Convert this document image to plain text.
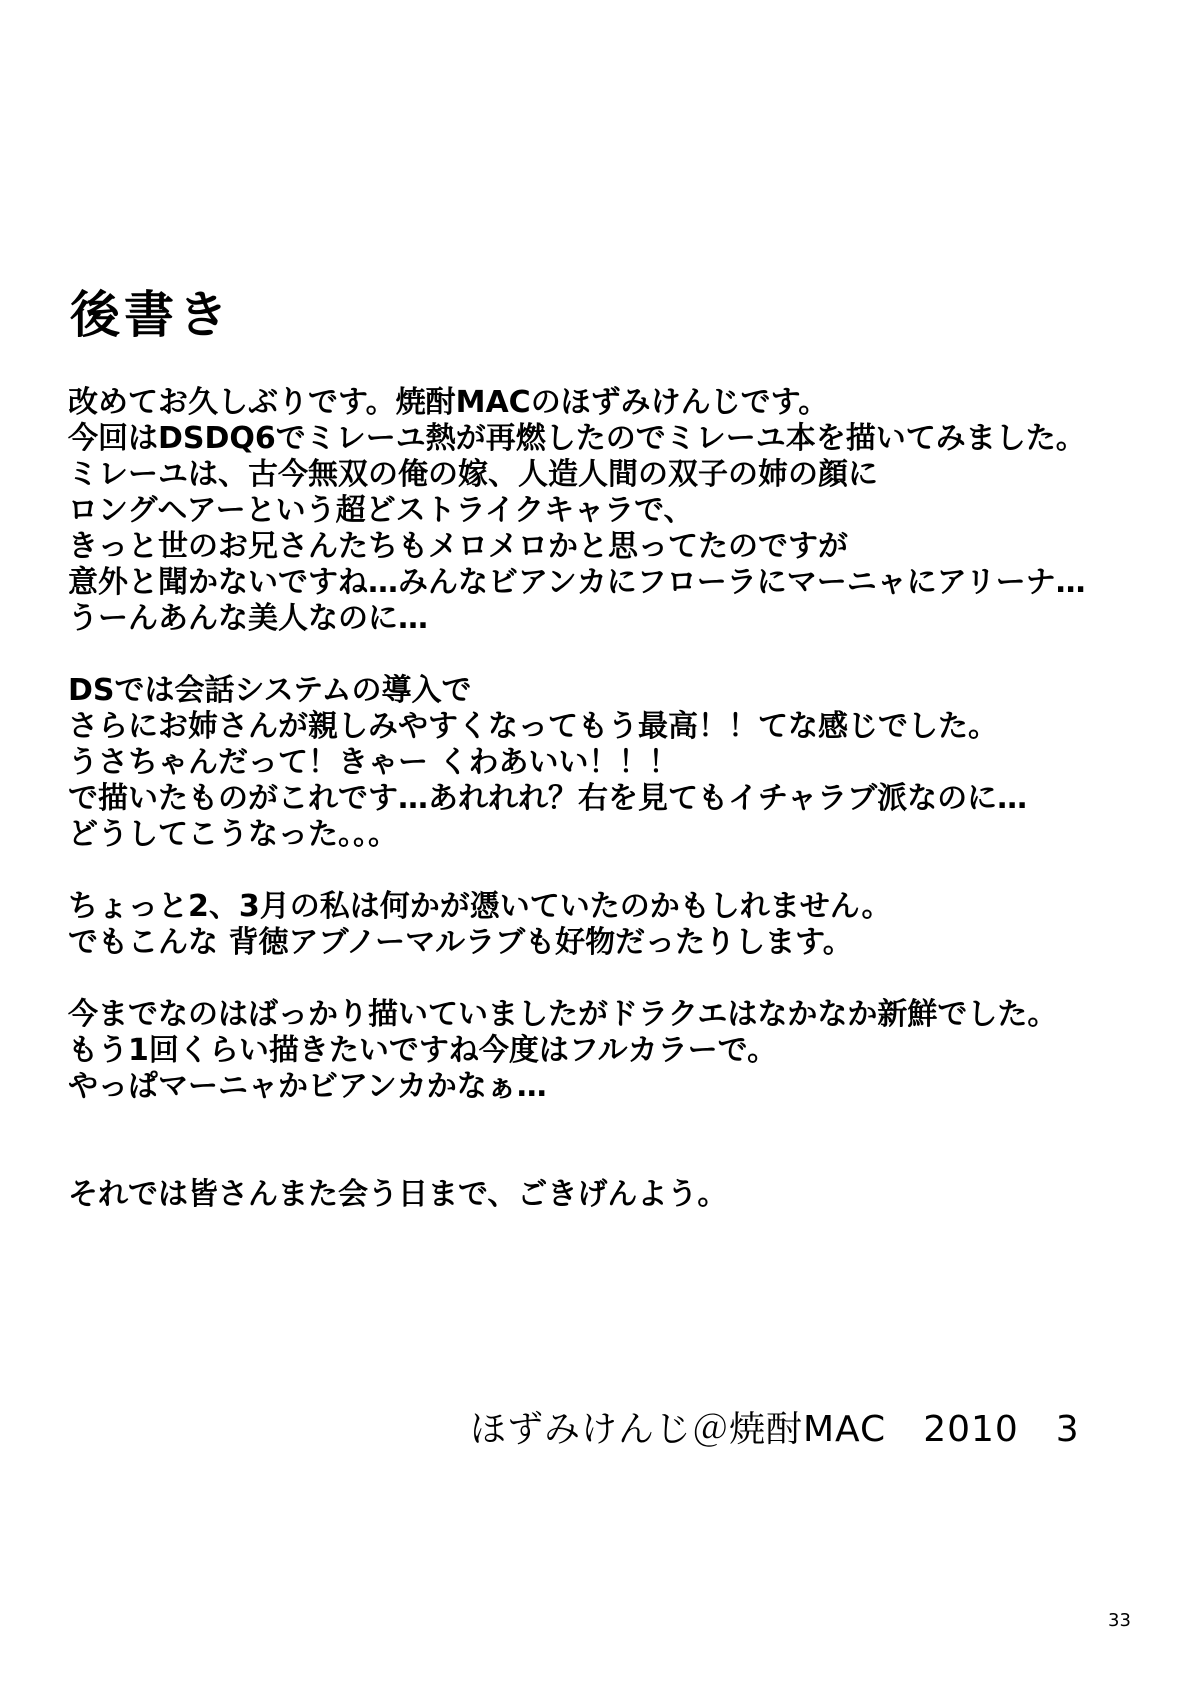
後書き
改めてお久しぶりです。焼酎MACのほずみけんじです。
今回はDSDQ6でミレーユ熱が再燃したのでミレーユ本を描いてみました。
ミレーユは、古今無双の俺の嫁、人造人間の双子の姉の顔に
ロングヘアーという超どストライクキャラで、
きっと世のお兄さんたちもメロメロかと思ってたのですが
意外と聞かないですね…みんなビアンカにフローラにマーニャにアリーナ…
うーんあんな美人なのに…
DSでは会話システムの導入で
さらにお姉さんが親しみやすくなってもう最高！！てな感じでした。
うさちゃんだって！きゃー くわあいい！！！
で描いたものがこれです…あれれれ？右を見てもイチャラブ派なのに…
どうしてこうなった。。。
ちょっと2、3月の私は何かが憑いていたのかもしれません。
でもこんな 背徳アブノーマルラブも好物だったりします。
今までなのはばっかり描いていましたがドラクエはなかなか新鮮でした。
もう1回くらい描きたいですね今度はフルカラーで。
やっぱマーニャかビアンカかなぁ…
それでは皆さんまた会う日まで、ごきげんよう。
ほずみけんじ＠焼酎MAC　2010　3
33
